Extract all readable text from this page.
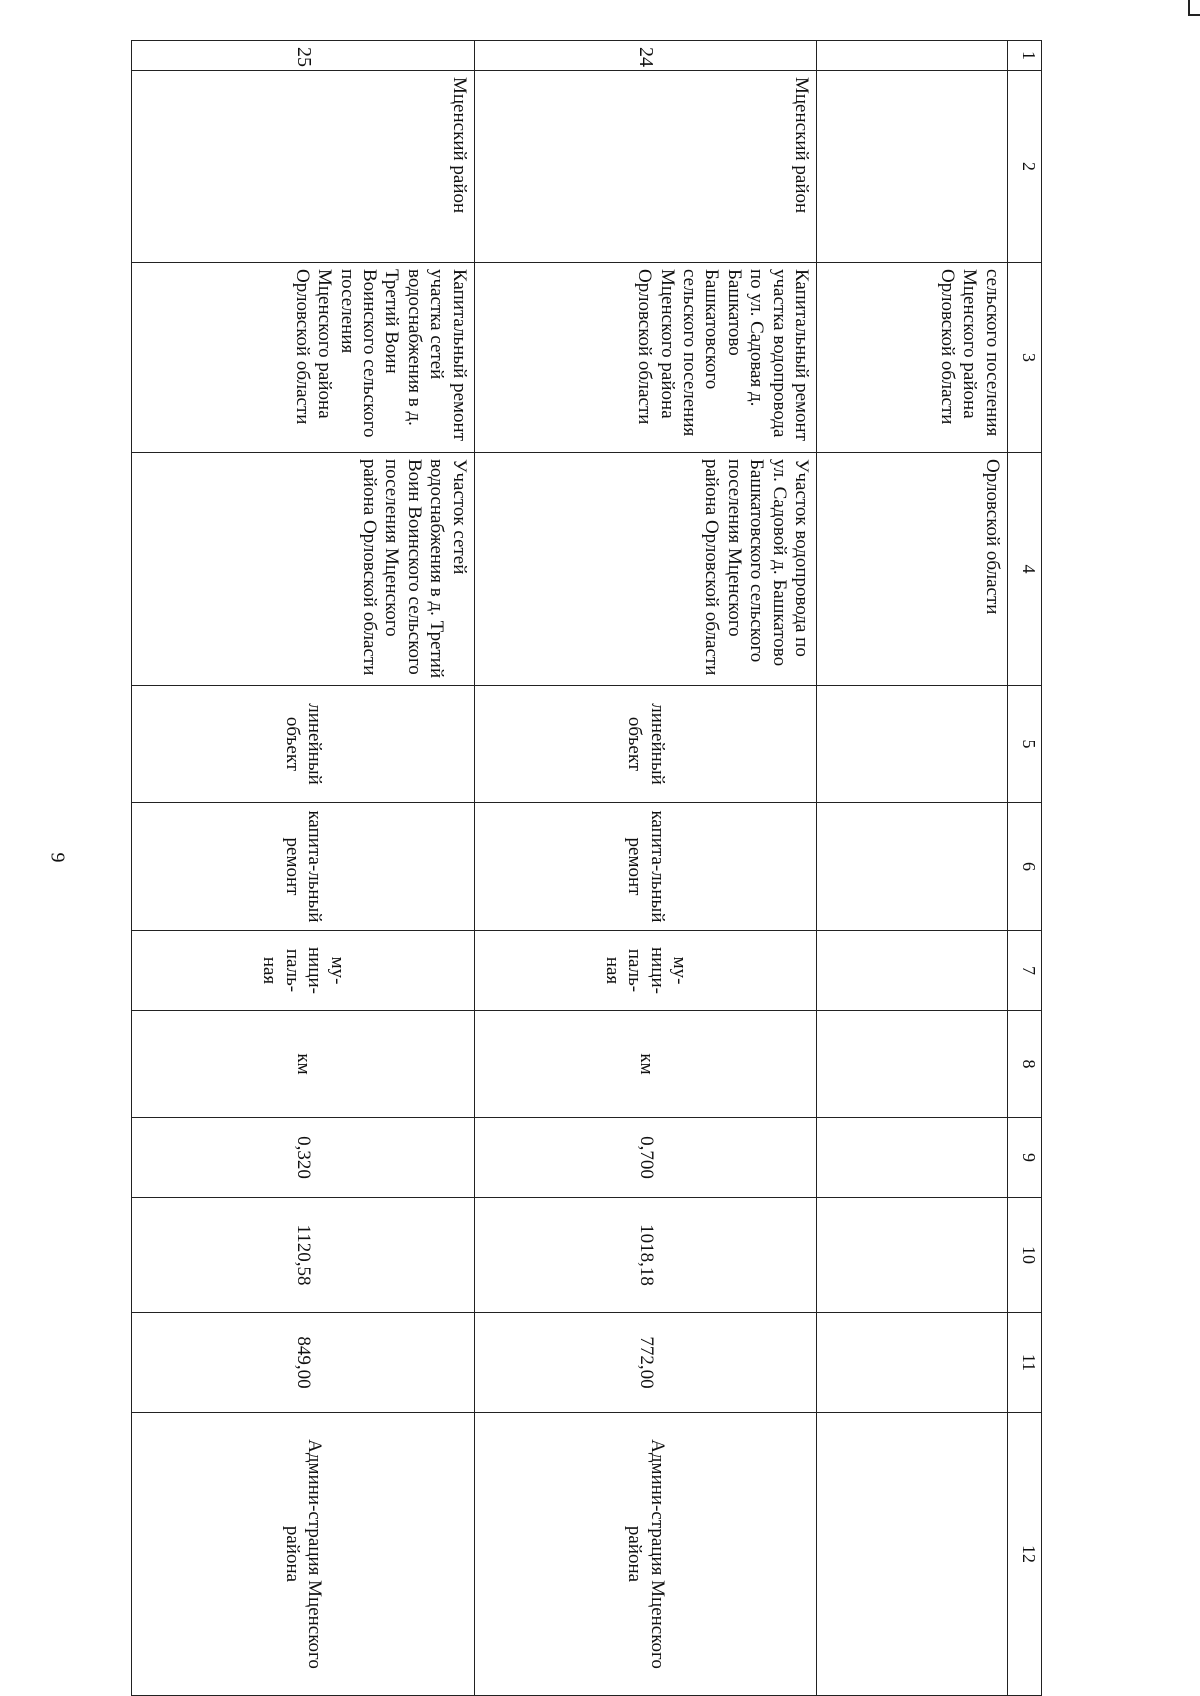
9
1	2	3	4	5	6	7	8	9	10	11	12
		сельского поселения Мценского района Орловской области	Орловской области								
24	Мценский район	Капитальный ремонт участка водопровода по ул. Садовая д. Башкатово Башкатовского сельского поселения Мценского района Орловской области	Участок водопровода по ул. Садовой д. Башкатово Башкатовского сельского поселения Мценского района Орловской области	линейный объект	капита-льный ремонт	му-ници-паль-ная	км	0,700	1018,18	772,00	Админи-страция Мценского района
25	Мценский район	Капитальный ремонт участка сетей водоснабжения в д. Третий Воин Воинского сельского поселения Мценского района Орловской области	Участок сетей водоснабжения в д. Третий Воин Воинского сельского поселения Мценского района Орловской области	линейный объект	капита-льный ремонт	му-ници-паль-ная	км	0,320	1120,58	849,00	Админи-страция Мценского района
